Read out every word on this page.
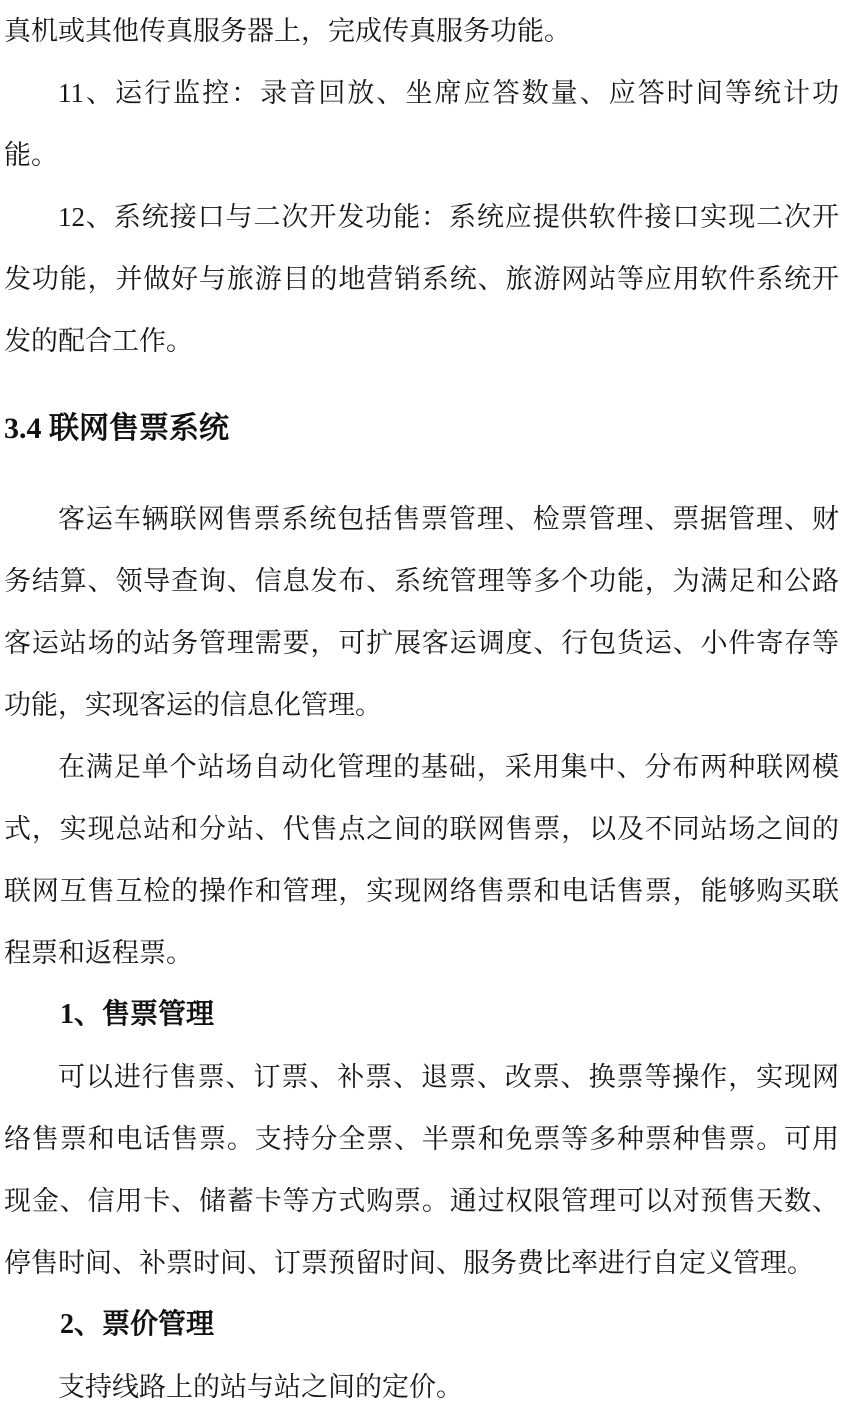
真机或其他传真服务器上，完成传真服务功能。

11、运行监控：录音回放、坐席应答数量、应答时间等统计功能。

12、系统接口与二次开发功能：系统应提供软件接口实现二次开发功能，并做好与旅游目的地营销系统、旅游网站等应用软件系统开发的配合工作。

3.4 联网售票系统

客运车辆联网售票系统包括售票管理、检票管理、票据管理、财务结算、领导查询、信息发布、系统管理等多个功能，为满足和公路客运站场的站务管理需要，可扩展客运调度、行包货运、小件寄存等功能，实现客运的信息化管理。

在满足单个站场自动化管理的基础，采用集中、分布两种联网模式，实现总站和分站、代售点之间的联网售票，以及不同站场之间的联网互售互检的操作和管理，实现网络售票和电话售票，能够购买联程票和返程票。

1、售票管理

可以进行售票、订票、补票、退票、改票、换票等操作，实现网络售票和电话售票。支持分全票、半票和免票等多种票种售票。可用现金、信用卡、储蓄卡等方式购票。通过权限管理可以对预售天数、停售时间、补票时间、订票预留时间、服务费比率进行自定义管理。

2、票价管理

支持线路上的站与站之间的定价。
